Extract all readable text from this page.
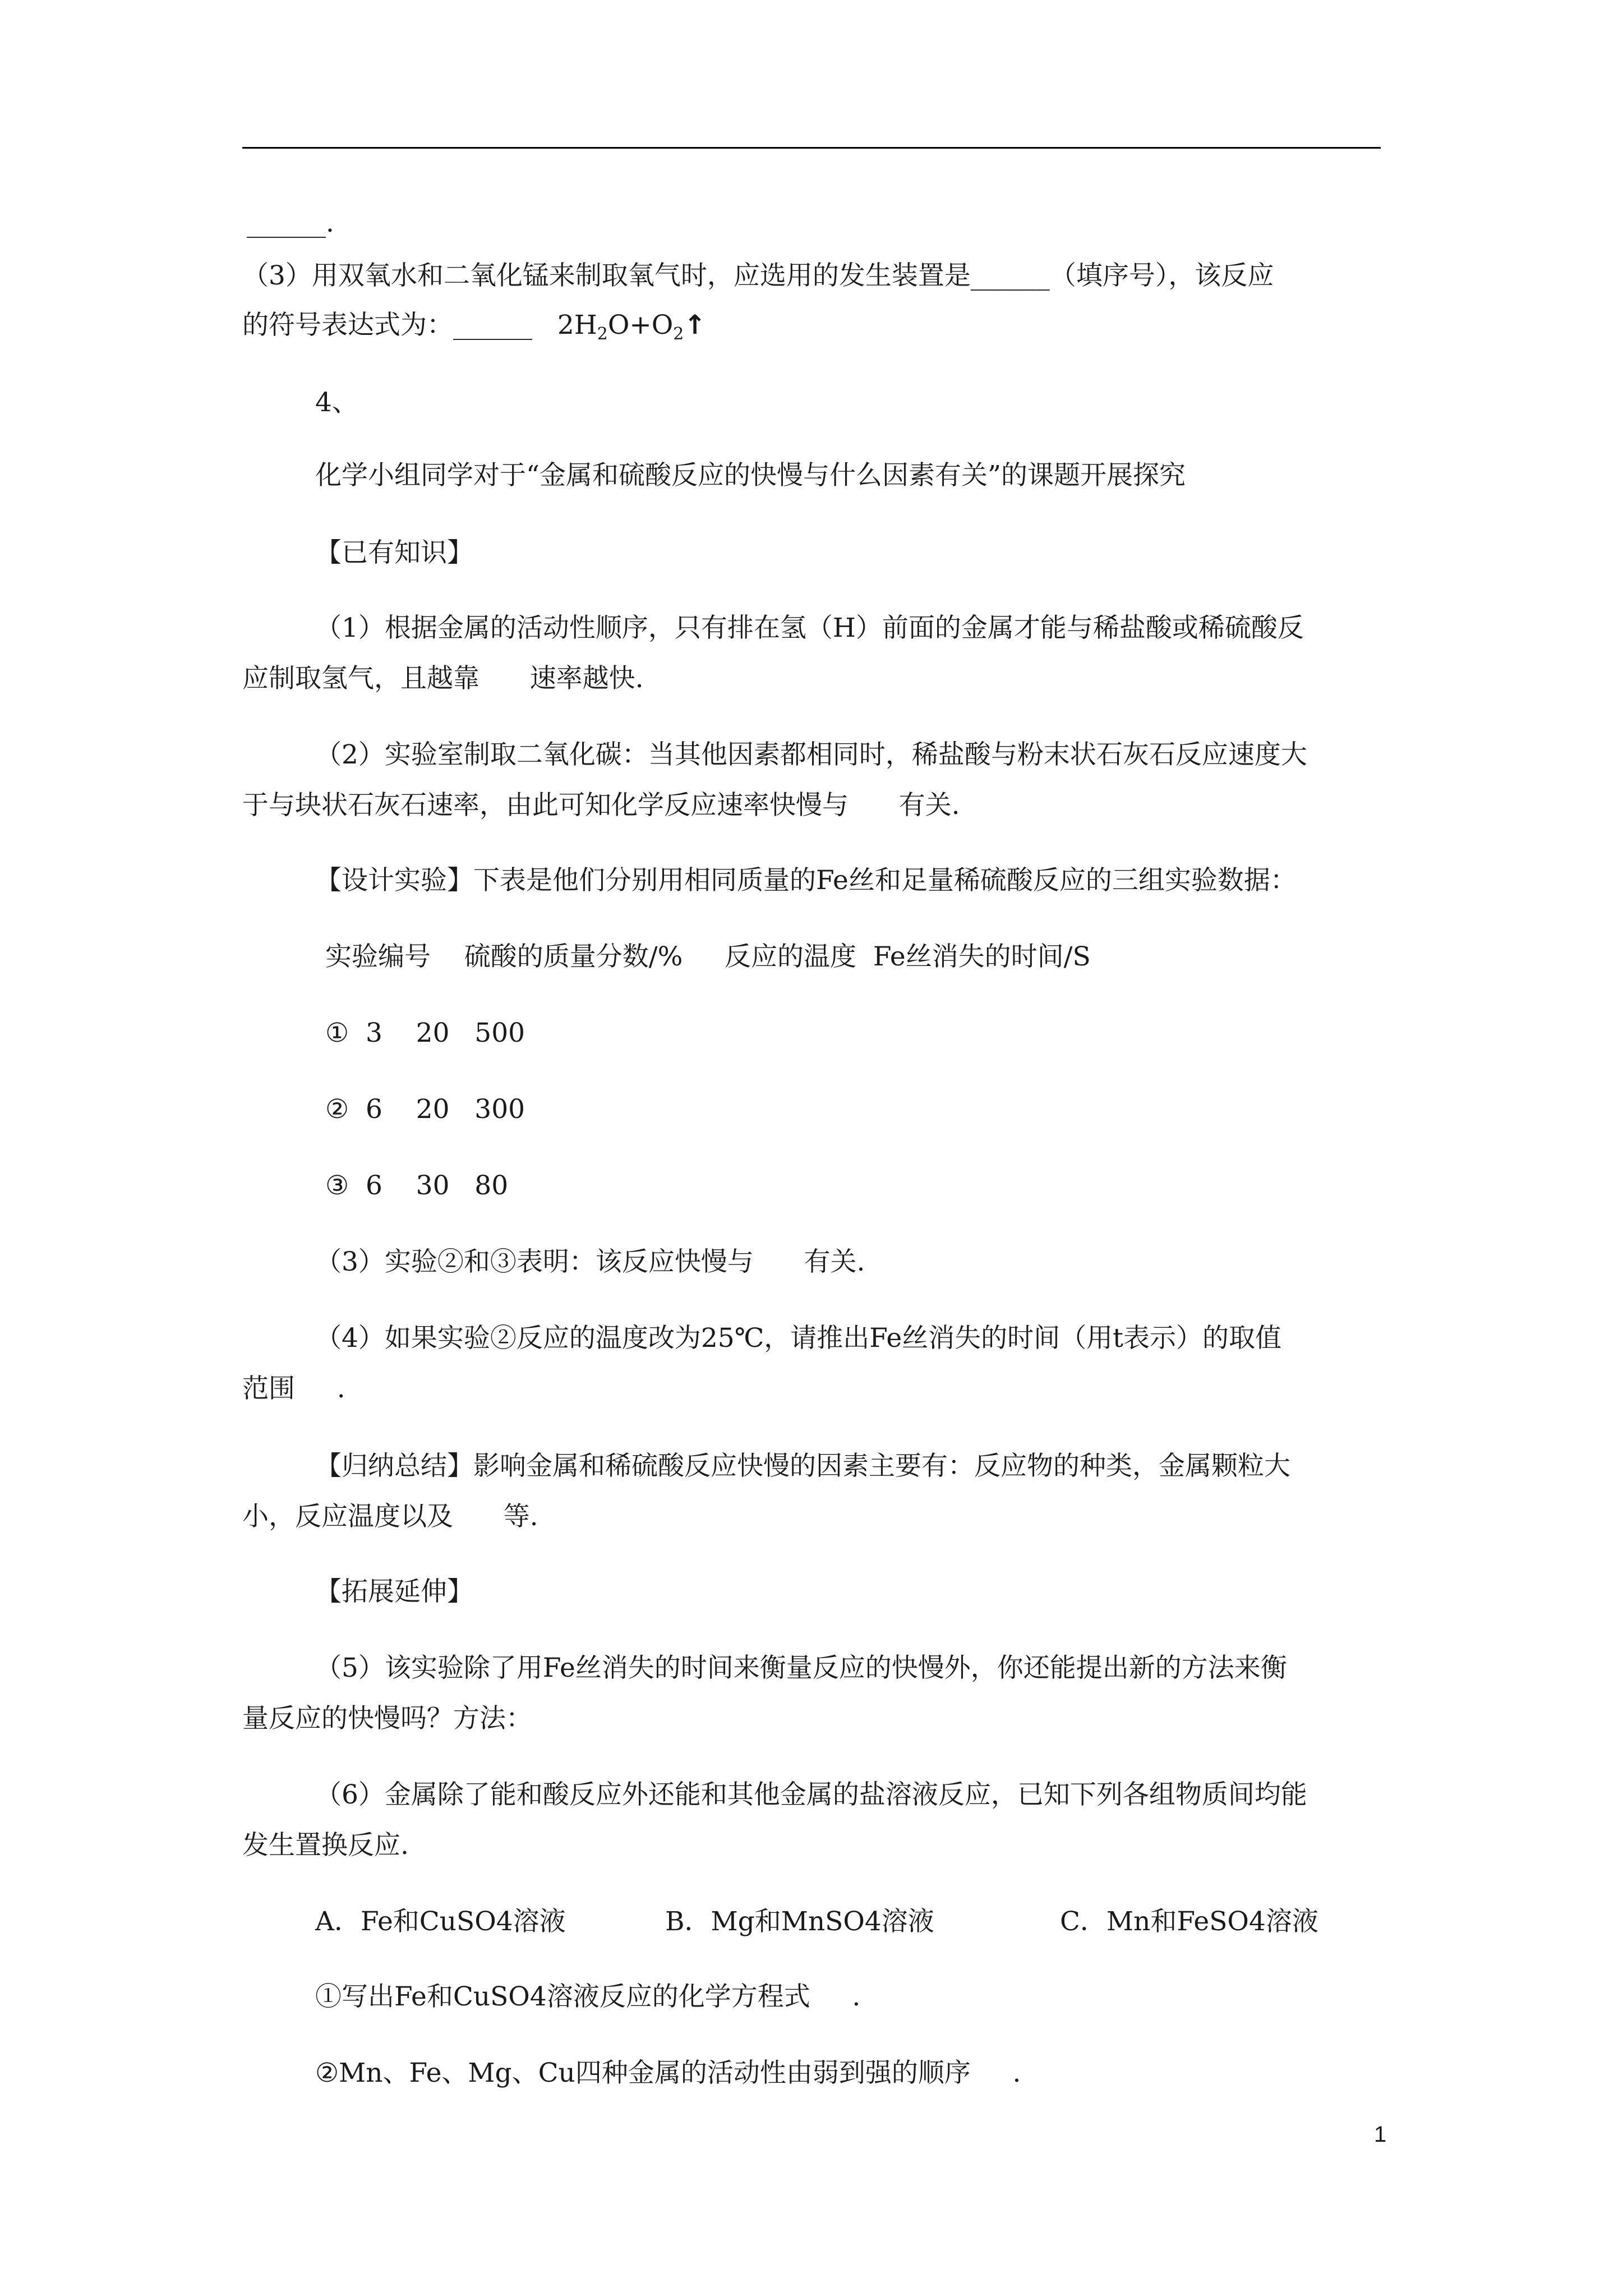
______.
（3）用双氧水和二氧化锰来制取氧气时，应选用的发生装置是______（填序号），该反应
的符号表达式为：______   $2H_2O+O_2↑$
4、
化学小组同学对于“金属和硫酸反应的快慢与什么因素有关”的课题开展探究
【已有知识】
（1）根据金属的活动性顺序，只有排在氢（H）前面的金属才能与稀盐酸或稀硫酸反
应制取氢气，且越靠      速率越快.
（2）实验室制取二氧化碳：当其他因素都相同时，稀盐酸与粉末状石灰石反应速度大
于与块状石灰石速率，由此可知化学反应速率快慢与      有关.
【设计实验】下表是他们分别用相同质量的Fe丝和足量稀硫酸反应的三组实验数据：
实验编号    硫酸的质量分数/%     反应的温度  Fe丝消失的时间/S
①  3    20   500
②  6    20   300
③  6    30   80
（3）实验②和③表明：该反应快慢与      有关.
（4）如果实验②反应的温度改为25℃，请推出Fe丝消失的时间（用t表示）的取值
范围     .
【归纳总结】影响金属和稀硫酸反应快慢的因素主要有：反应物的种类，金属颗粒大
小，反应温度以及      等.
【拓展延伸】
（5）该实验除了用Fe丝消失的时间来衡量反应的快慢外，你还能提出新的方法来衡
量反应的快慢吗？方法：
（6）金属除了能和酸反应外还能和其他金属的盐溶液反应，已知下列各组物质间均能
发生置换反应.
A．Fe和CuSO4溶液	B．Mg和MnSO4溶液	C．Mn和FeSO4溶液
①写出Fe和CuSO4溶液反应的化学方程式     .
②Mn、Fe、Mg、Cu四种金属的活动性由弱到强的顺序     .
1
